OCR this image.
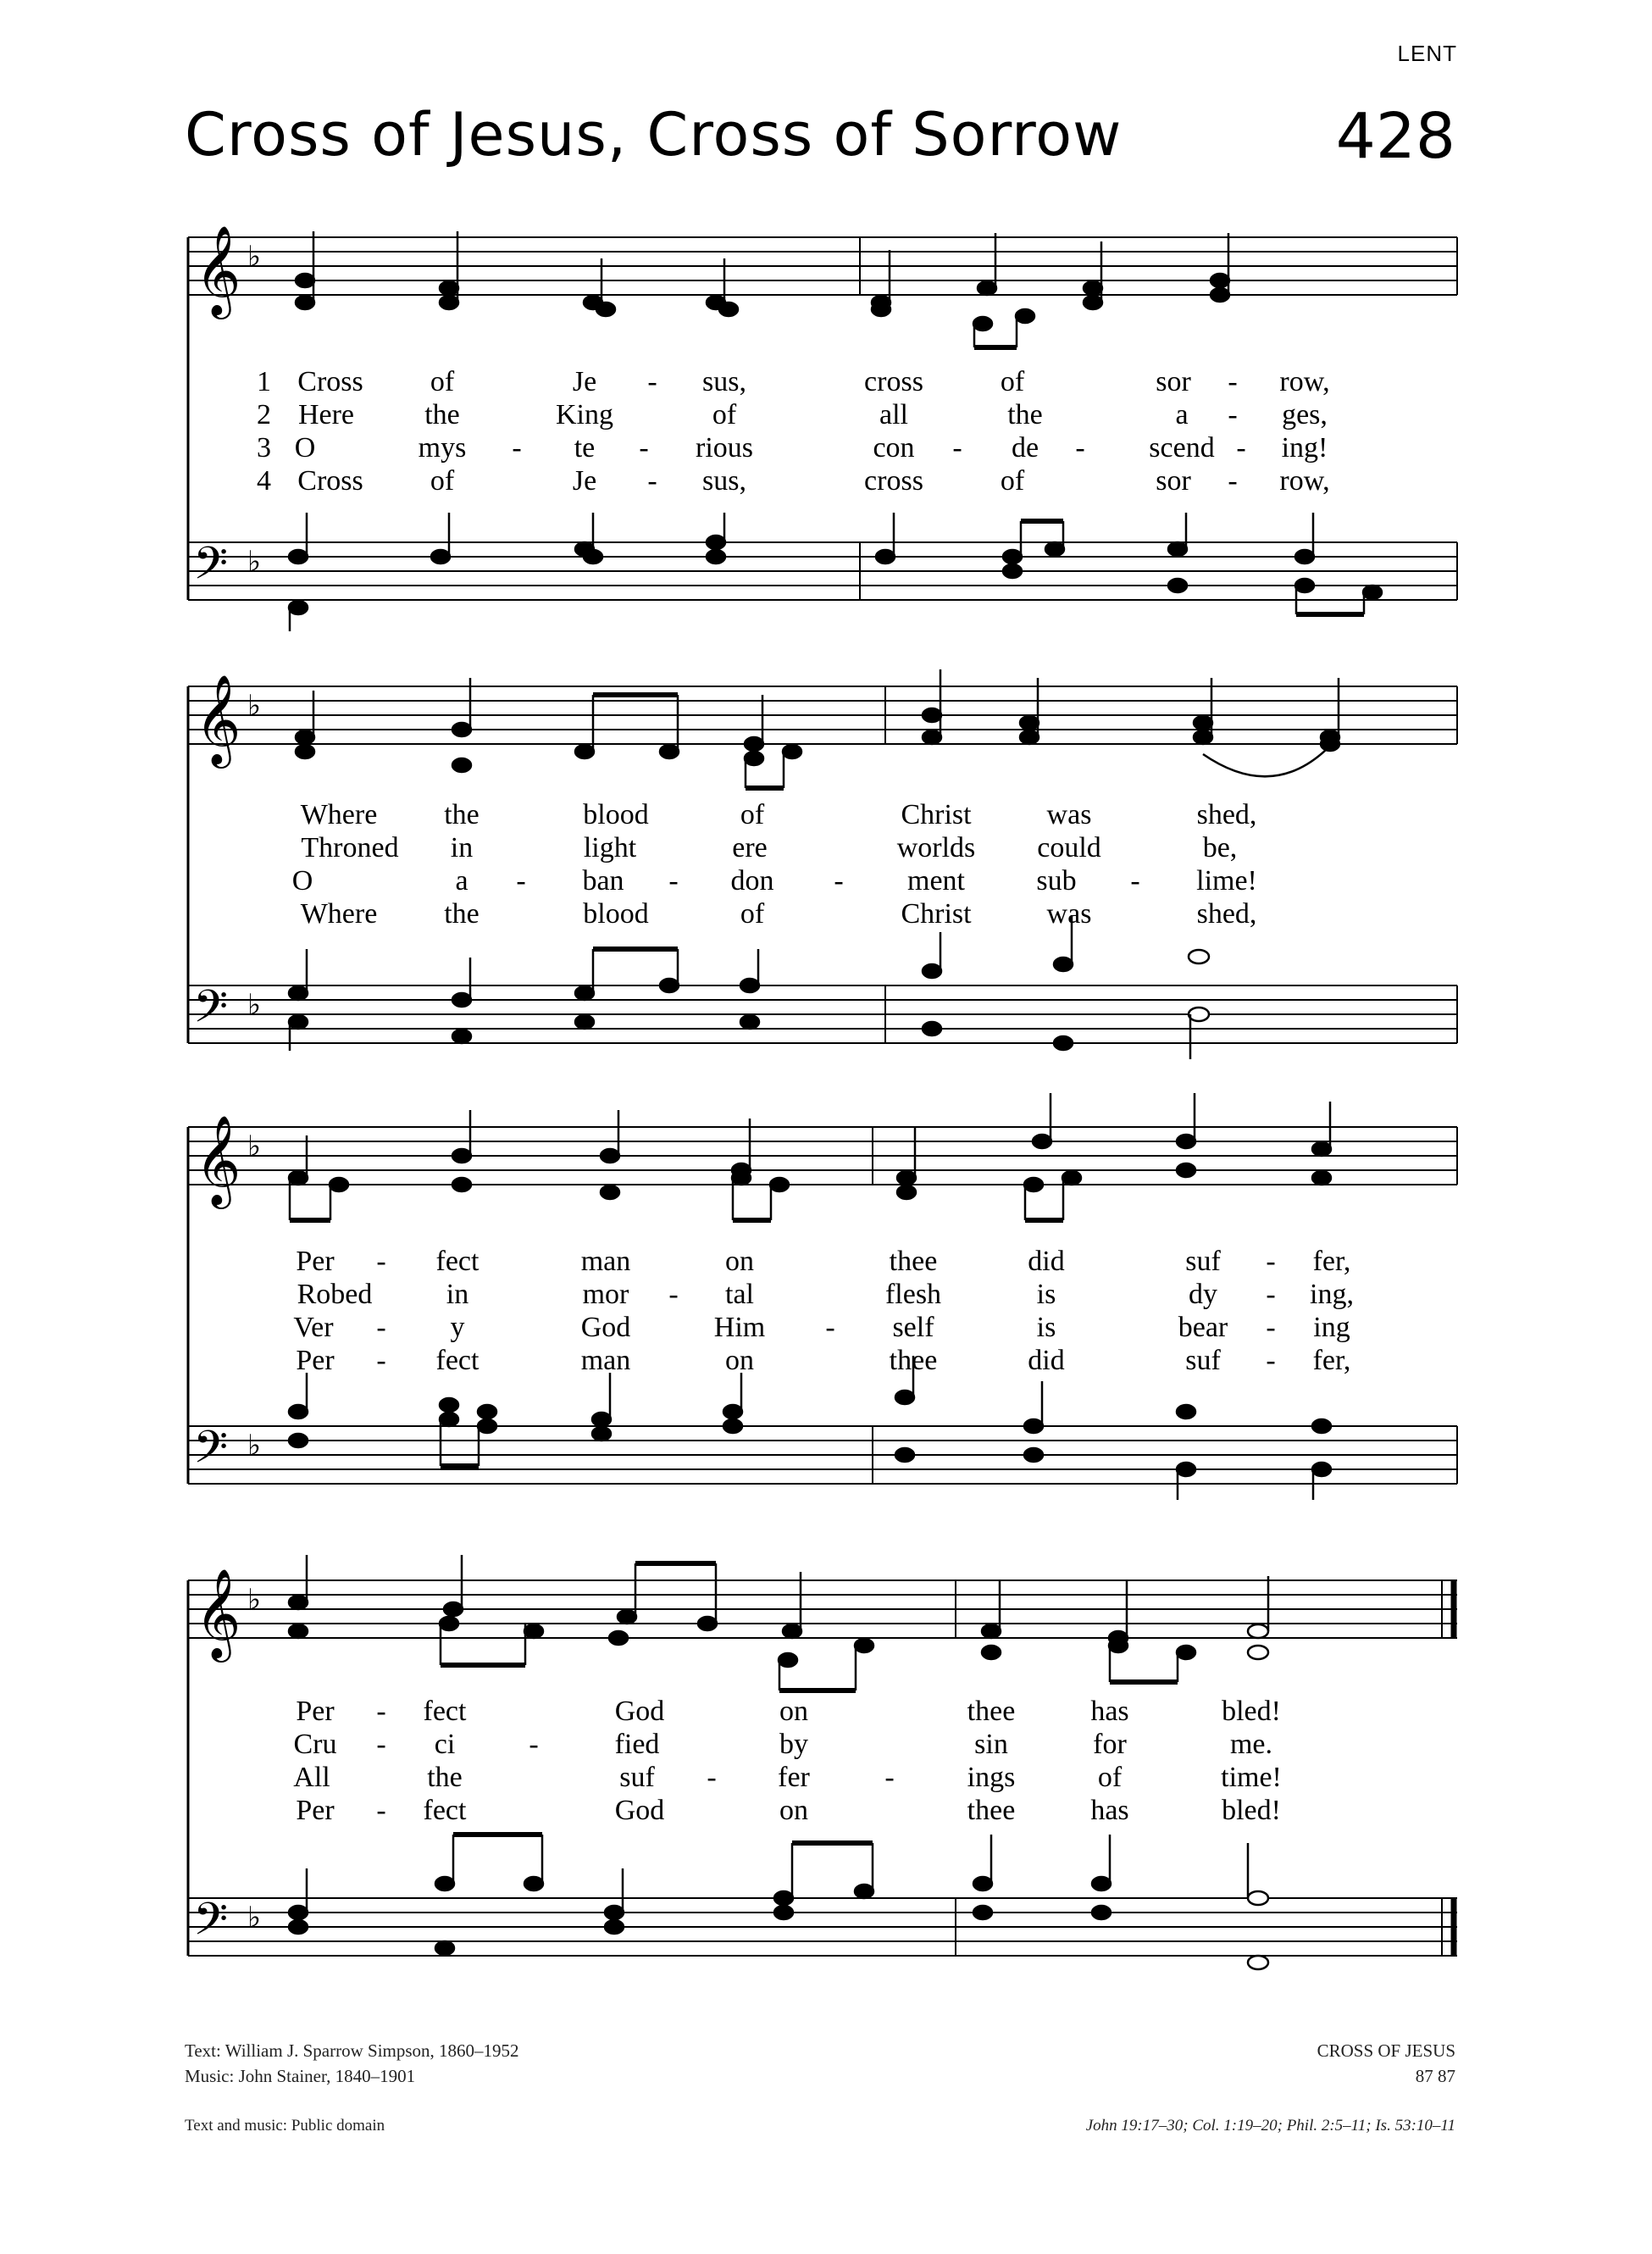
LENT
Cross of Jesus, Cross of Sorrow	428
𝄞 ♭
𝄢 ♭
1 Cross of	Je - sus,	cross	of	sor - row,
2 Here the	King	of	all	the	a - ges,
3 O	mys - te - rious	con - de - scend - ing!
4 Cross of	Je - sus,	cross	of	sor - row,
𝄞 ♭
𝄢 ♭
Where the	blood	of	Christ	was	shed,
Throned in	light	ere	worlds could	be,
O	a - ban - don - ment sub - lime!
Where the	blood	of	Christ	was	shed,
𝄞 ♭
𝄢 ♭
Per - fect	man	on	thee	did	suf - fer,
Robed	in	mor - tal	flesh	is	dy - ing,
Ver - y	God	Him - self	is	bear - ing
Per - fect	man	on	thee	did	suf - fer,
𝄞 ♭
𝄢 ♭
Per - fect	God	on	thee	has	bled!
Cru - ci	-	fied	by	sin	for	me.
All	the	suf - fer	-	ings	of	time!
Per - fect	God	on	thee	has	bled!
Text: William J. Sparrow Simpson, 1860–1952
Music: John Stainer, 1840–1901
CROSS OF JESUS
87 87
Text and music: Public domain	John 19:17–30; Col. 1:19–20; Phil. 2:5–11; Is. 53:10–11
